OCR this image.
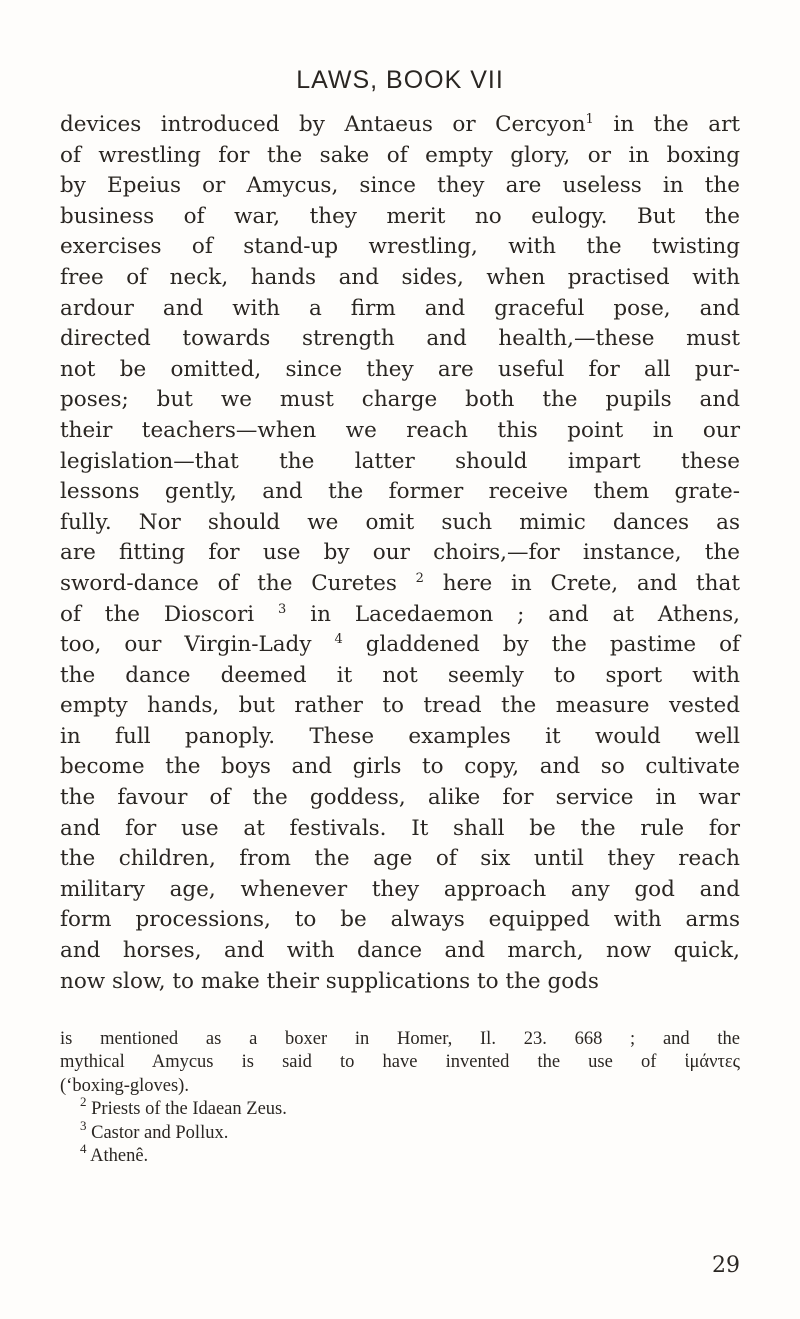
LAWS, BOOK VII
devices introduced by Antaeus or Cercyon$^1$ in the art
of wrestling for the sake of empty glory, or in boxing
by Epeius or Amycus, since they are useless in the
business of war, they merit no eulogy. But the
exercises of stand-up wrestling, with the twisting
free of neck, hands and sides, when practised with
ardour and with a firm and graceful pose, and
directed towards strength and health,—these must
not be omitted, since they are useful for all pur-
poses; but we must charge both the pupils and
their teachers—when we reach this point in our
legislation—that the latter should impart these
lessons gently, and the former receive them grate-
fully. Nor should we omit such mimic dances as
are fitting for use by our choirs,—for instance, the
sword-dance of the Curetes $^2$ here in Crete, and that
of the Dioscori $^3$ in Lacedaemon ; and at Athens,
too, our Virgin-Lady $^4$ gladdened by the pastime of
the dance deemed it not seemly to sport with
empty hands, but rather to tread the measure vested
in full panoply. These examples it would well
become the boys and girls to copy, and so cultivate
the favour of the goddess, alike for service in war
and for use at festivals. It shall be the rule for
the children, from the age of six until they reach
military age, whenever they approach any god and
form processions, to be always equipped with arms
and horses, and with dance and march, now quick,
now slow, to make their supplications to the gods
is mentioned as a boxer in Homer, Il. 23. 668 ; and the
mythical Amycus is said to have invented the use of ἱμάντες
(‘boxing-gloves).
$^2$ Priests of the Idaean Zeus.
$^3$ Castor and Pollux.
$^4$ Athenê.
29
